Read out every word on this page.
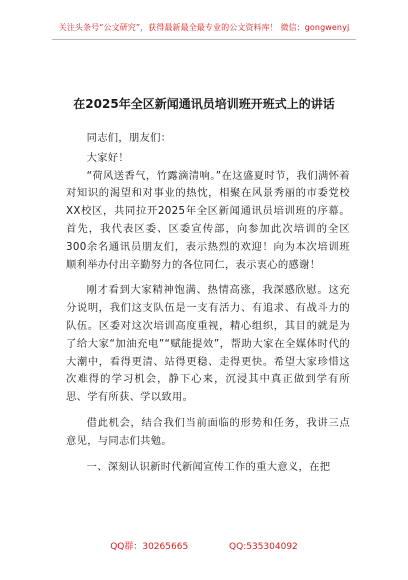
关注头条号“公文研究”，获得最新最全最专业的公文资料库！ 微信：gongwenyj
在2025年全区新闻通讯员培训班开班式上的讲话

同志们，朋友们：

大家好！

“荷风送香气，竹露滴清响。”在这盛夏时节，我们满怀着对知识的渴望和对事业的热忱，相聚在风景秀丽的市委党校XX校区，共同拉开2025年全区新闻通讯员培训班的序幕。首先，我代表区委、区委宣传部，向参加此次培训的全区300余名通讯员朋友们，表示热烈的欢迎！向为本次培训班顺利举办付出辛勤努力的各位同仁，表示衷心的感谢！

刚才看到大家精神饱满、热情高涨，我深感欣慰。这充分说明，我们这支队伍是一支有活力、有追求、有战斗力的队伍。区委对这次培训高度重视，精心组织，其目的就是为了给大家“加油充电”“赋能提效”，帮助大家在全媒体时代的大潮中，看得更清、站得更稳、走得更快。希望大家珍惜这次难得的学习机会，静下心来，沉浸其中真正做到学有所思、学有所获、学以致用。

借此机会，结合我们当前面临的形势和任务，我讲三点意见，与同志们共勉。

一、深刻认识新时代新闻宣传工作的重大意义，在把

QQ群：30265665	QQ:535304092
